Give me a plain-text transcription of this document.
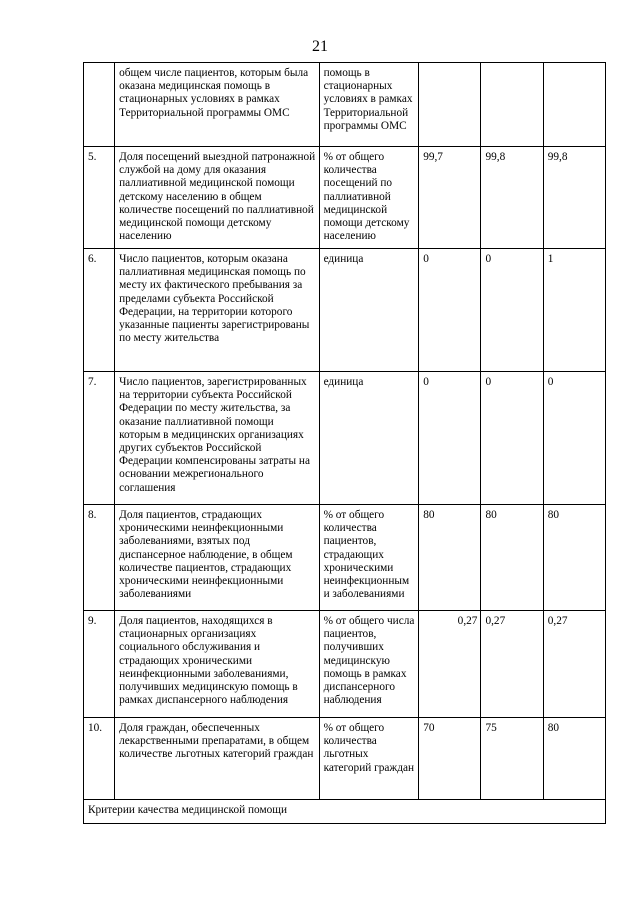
21
	общем числе пациентов, которым была оказана медицинская помощь в стационарных условиях в рамках Территориальной программы ОМС	помощь в стационарных условиях в рамках Территориальной программы ОМС			
5.	Доля посещений выездной патронажной службой на дому для оказания паллиативной медицинской помощи детскому населению в общем количестве посещений по паллиативной медицинской помощи детскому населению	% от общего количества посещений по паллиативной медицинской помощи детскому населению	99,7	99,8	99,8
6.	Число пациентов, которым оказана паллиативная медицинская помощь по месту их фактического пребывания за пределами субъекта Российской Федерации, на территории которого указанные пациенты зарегистрированы по месту жительства	единица	0	0	1
7.	Число пациентов, зарегистрированных на территории субъекта Российской Федерации по месту жительства, за оказание паллиативной помощи которым в медицинских организациях других субъектов Российской Федерации компенсированы затраты на основании межрегионального соглашения	единица	0	0	0
8.	Доля пациентов, страдающих хроническими неинфекционными заболеваниями, взятых под диспансерное наблюдение, в общем количестве пациентов, страдающих хроническими неинфекционными заболеваниями	% от общего количества пациентов, страдающих хроническими неинфекционным и заболеваниями	80	80	80
9.	Доля пациентов, находящихся в стационарных организациях социального обслуживания и страдающих хроническими неинфекционными заболеваниями, получивших медицинскую помощь в рамках диспансерного наблюдения	% от общего числа пациентов, получивших медицинскую помощь в рамках диспансерного наблюдения	0,27	0,27	0,27
10.	Доля граждан, обеспеченных лекарственными препаратами, в общем количестве льготных категорий граждан	% от общего количества льготных категорий граждан	70	75	80
Критерии качества медицинской помощи					
